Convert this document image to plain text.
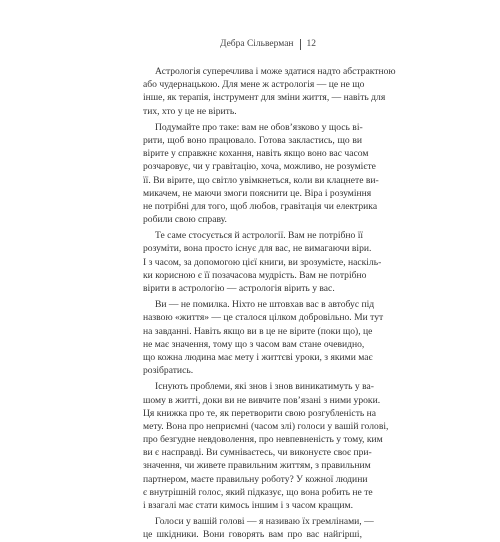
Дебра Сільверман 12

Астрологія суперечлива і може здатися надто абстрактною
або чудернацькою. Для мене ж астрологія — це не що
інше, як терапія, інструмент для зміни життя, — навіть для
тих, хто у це не вірить.

Подумайте про таке: вам не обов’язково у щось ві-
рити, щоб воно працювало. Готова закластись, що ви
вірите у справжнє кохання, навіть якщо воно вас часом
розчаровує, чи у гравітацію, хоча, можливо, не розумієте
її. Ви вірите, що світло увімкнеться, коли ви клацнете ви-
микачем, не маючи змоги пояснити це. Віра і розуміння
не потрібні для того, щоб любов, гравітація чи електрика
робили свою справу.

Те саме стосується й астрології. Вам не потрібно її
розуміти, вона просто існує для вас, не вимагаючи віри.
І з часом, за допомогою цієї книги, ви зрозумієте, наскіль-
ки корисною є її позачасова мудрість. Вам не потрібно
вірити в астрологію — астрологія вірить у вас.

Ви — не помилка. Ніхто не штовхав вас в автобус під
назвою «життя» — це сталося цілком добровільно. Ми тут
на завданні. Навіть якщо ви в це не вірите (поки що), це
не має значення, тому що з часом вам стане очевидно,
що кожна людина має мету і життєві уроки, з якими має
розібратись.

Існують проблеми, які знов і знов виникатимуть у ва-
шому в житті, доки ви не вивчите пов’язані з ними уроки.
Ця книжка про те, як перетворити свою розгубленість на
мету. Вона про неприємні (часом злі) голоси у вашій голові,
про безгудне невдоволення, про невпевненість у тому, ким
ви є насправді. Ви сумніваєтесь, чи виконуєте своє при-
значення, чи живете правильним життям, з правильним
партнером, маєте правильну роботу? У кожної людини
є внутрішній голос, який підказує, що вона робить не те
і взагалі має стати кимось іншим і з часом кращим.

Голоси у вашій голові — я називаю їх гремлінами, —
це шкідники. Вони говорять вам про вас найгірші,
